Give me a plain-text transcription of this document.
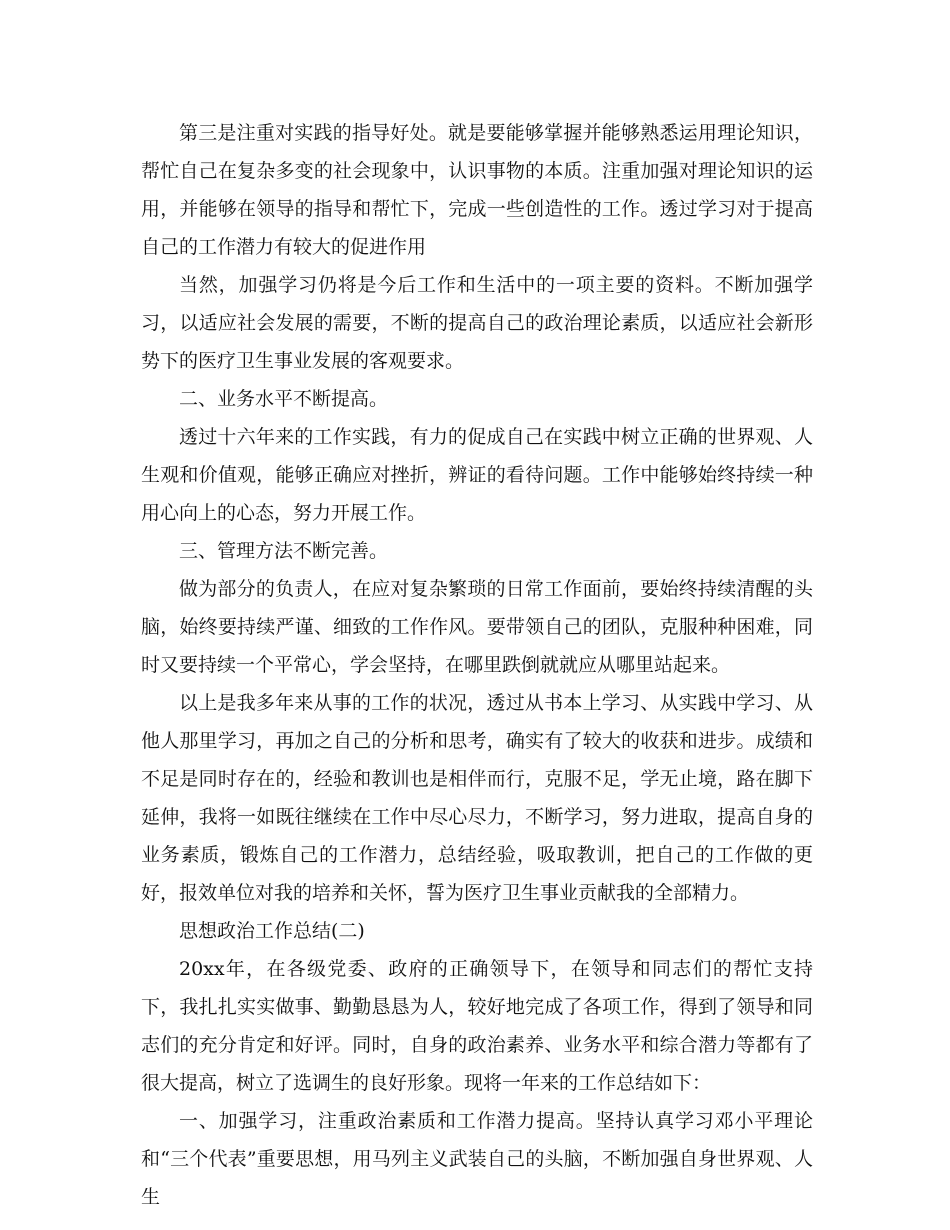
第三是注重对实践的指导好处。就是要能够掌握并能够熟悉运用理论知识，帮忙自己在复杂多变的社会现象中，认识事物的本质。注重加强对理论知识的运用，并能够在领导的指导和帮忙下，完成一些创造性的工作。透过学习对于提高自己的工作潜力有较大的促进作用

当然，加强学习仍将是今后工作和生活中的一项主要的资料。不断加强学习，以适应社会发展的需要，不断的提高自己的政治理论素质，以适应社会新形势下的医疗卫生事业发展的客观要求。

二、业务水平不断提高。

透过十六年来的工作实践，有力的促成自己在实践中树立正确的世界观、人生观和价值观，能够正确应对挫折，辨证的看待问题。工作中能够始终持续一种用心向上的心态，努力开展工作。

三、管理方法不断完善。

做为部分的负责人，在应对复杂繁琐的日常工作面前，要始终持续清醒的头脑，始终要持续严谨、细致的工作作风。要带领自己的团队，克服种种困难，同时又要持续一个平常心，学会坚持，在哪里跌倒就就应从哪里站起来。

以上是我多年来从事的工作的状况，透过从书本上学习、从实践中学习、从他人那里学习，再加之自己的分析和思考，确实有了较大的收获和进步。成绩和不足是同时存在的，经验和教训也是相伴而行，克服不足，学无止境，路在脚下延伸，我将一如既往继续在工作中尽心尽力，不断学习，努力进取，提高自身的业务素质，锻炼自己的工作潜力，总结经验，吸取教训，把自己的工作做的更好，报效单位对我的培养和关怀，誓为医疗卫生事业贡献我的全部精力。

思想政治工作总结(二)

20xx年，在各级党委、政府的正确领导下，在领导和同志们的帮忙支持下，我扎扎实实做事、勤勤恳恳为人，较好地完成了各项工作，得到了领导和同志们的充分肯定和好评。同时，自身的政治素养、业务水平和综合潜力等都有了很大提高，树立了选调生的良好形象。现将一年来的工作总结如下：

一、加强学习，注重政治素质和工作潜力提高。坚持认真学习邓小平理论和“三个代表”重要思想，用马列主义武装自己的头脑，不断加强自身世界观、人生
